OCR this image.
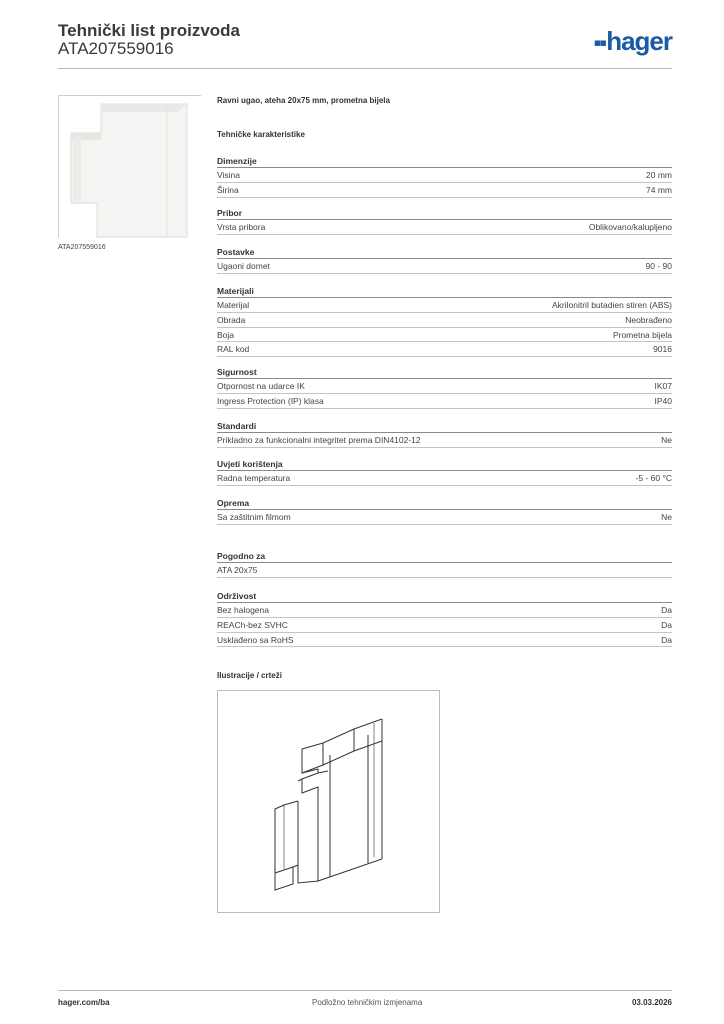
Tehnički list proizvoda
ATA207559016	▪▪hager
ATA207559016
Ravni ugao, ateha 20x75 mm, prometna bijela
Tehničke karakteristike
Dimenzije
Visina	20 mm
Širina	74 mm
Pribor
Vrsta pribora	Oblikovano/kalupljeno
Postavke
Ugaoni domet	90 - 90
Materijali
Materijal	Akrilonitril butadien stiren (ABS)
Obrada	Neobrađeno
Boja	Prometna bijela
RAL kod	9016
Sigurnost
Otpornost na udarce IK	IK07
Ingress Protection (IP) klasa	IP40
Standardi
Prikladno za funkcionalni integritet prema DIN4102-12	Ne
Uvjeti korištenja
Radna temperatura	-5 - 60 °C
Oprema
Sa zaštitnim filmom	Ne
Pogodno za
ATA 20x75
Održivost
Bez halogena	Da
REACh-bez SVHC	Da
Usklađeno sa RoHS	Da
Ilustracije / crteži
hager.com/ba	Podložno tehničkim izmjenama	03.03.2026
